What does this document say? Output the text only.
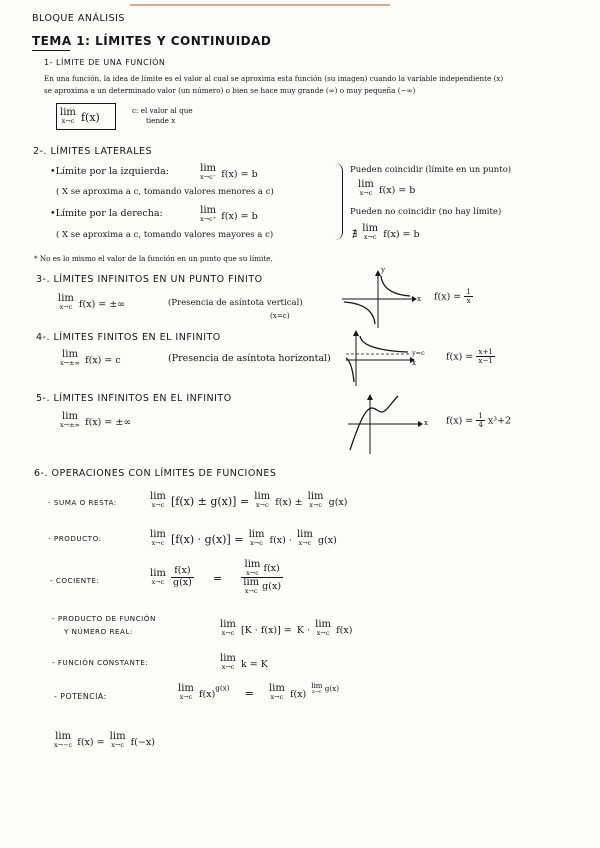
BLOQUE ANÁLISIS
TEMA 1: LÍMITES Y CONTINUIDAD
1- LÍMITE DE UNA FUNCIÓN
En una función, la idea de límite es el valor al cual se aproxima esta función (su imagen) cuando la variable independiente (x)
se aproxima a un determinado valor (un número) o bien se hace muy grande (∞) o muy pequeña (−∞)
lim
x→c f(x)
c: el valor al que
tiende x
2-. LÍMITES LATERALES
•Límite por la izquierda:	lim
x→c⁻ f(x) = b
( X se aproxima a c, tomando valores menores a c)
•Límite por la derecha:	lim
x→c⁺ f(x) = b
( X se aproxima a c, tomando valores mayores a c)
Pueden coincidir (límite en un punto)
lim
x→c f(x) = b
Pueden no coincidir (no hay límite)
∄
lim
x→c f(x) = b
* No es lo mismo el valor de la función en un punto que su límite.
3-. LÍMITES INFINITOS EN UN PUNTO FINITO
lim
x→c f(x) = ±∞	(Presencia de asíntota vertical)
(x=c)
x
y
$f(x) = \frac{1}{x}$
4-. LÍMITES FINITOS EN EL INFINITO
lim
x→±∞ f(x) = c	(Presencia de asíntota horizontal)	y=c
x
$f(x) = \frac{x+1}{x-1}$
5-. LÍMITES INFINITOS EN EL INFINITO
lim
x→±∞ f(x) = ±∞	x $f(x) = \frac{1}{4} x^3+2$
6-. OPERACIONES CON LÍMITES DE FUNCIONES
- SUMA O RESTA:
lim
x→c [f(x) ± g(x)] = lim
x→c f(x) ±
lim
x→c g(x)
- PRODUCTO:	lim
x→c [f(x) · g(x)] = lim
x→c f(x) ·
lim
x→c g(x)
- COCIENTE:
lim
x→c
$\frac{f(x)}{g(x)} = \lim$
x→c f(x)
lim
x→c g(x)
- PRODUCTO DE FUNCIÓN
Y NÚMERO REAL:
lim
x→c [K · f(x)] = K ·
lim
x→c f(x)
- FUNCIÓN CONSTANTE:	lim
x→c k = K
- POTENCIA:
lim
x→c $f(x)^{g(x)} = \lim$
x→c f(x)
$^{lim x\to c g(x)}$
lim
x→−c f(x) =
lim
x→c f(−x)
